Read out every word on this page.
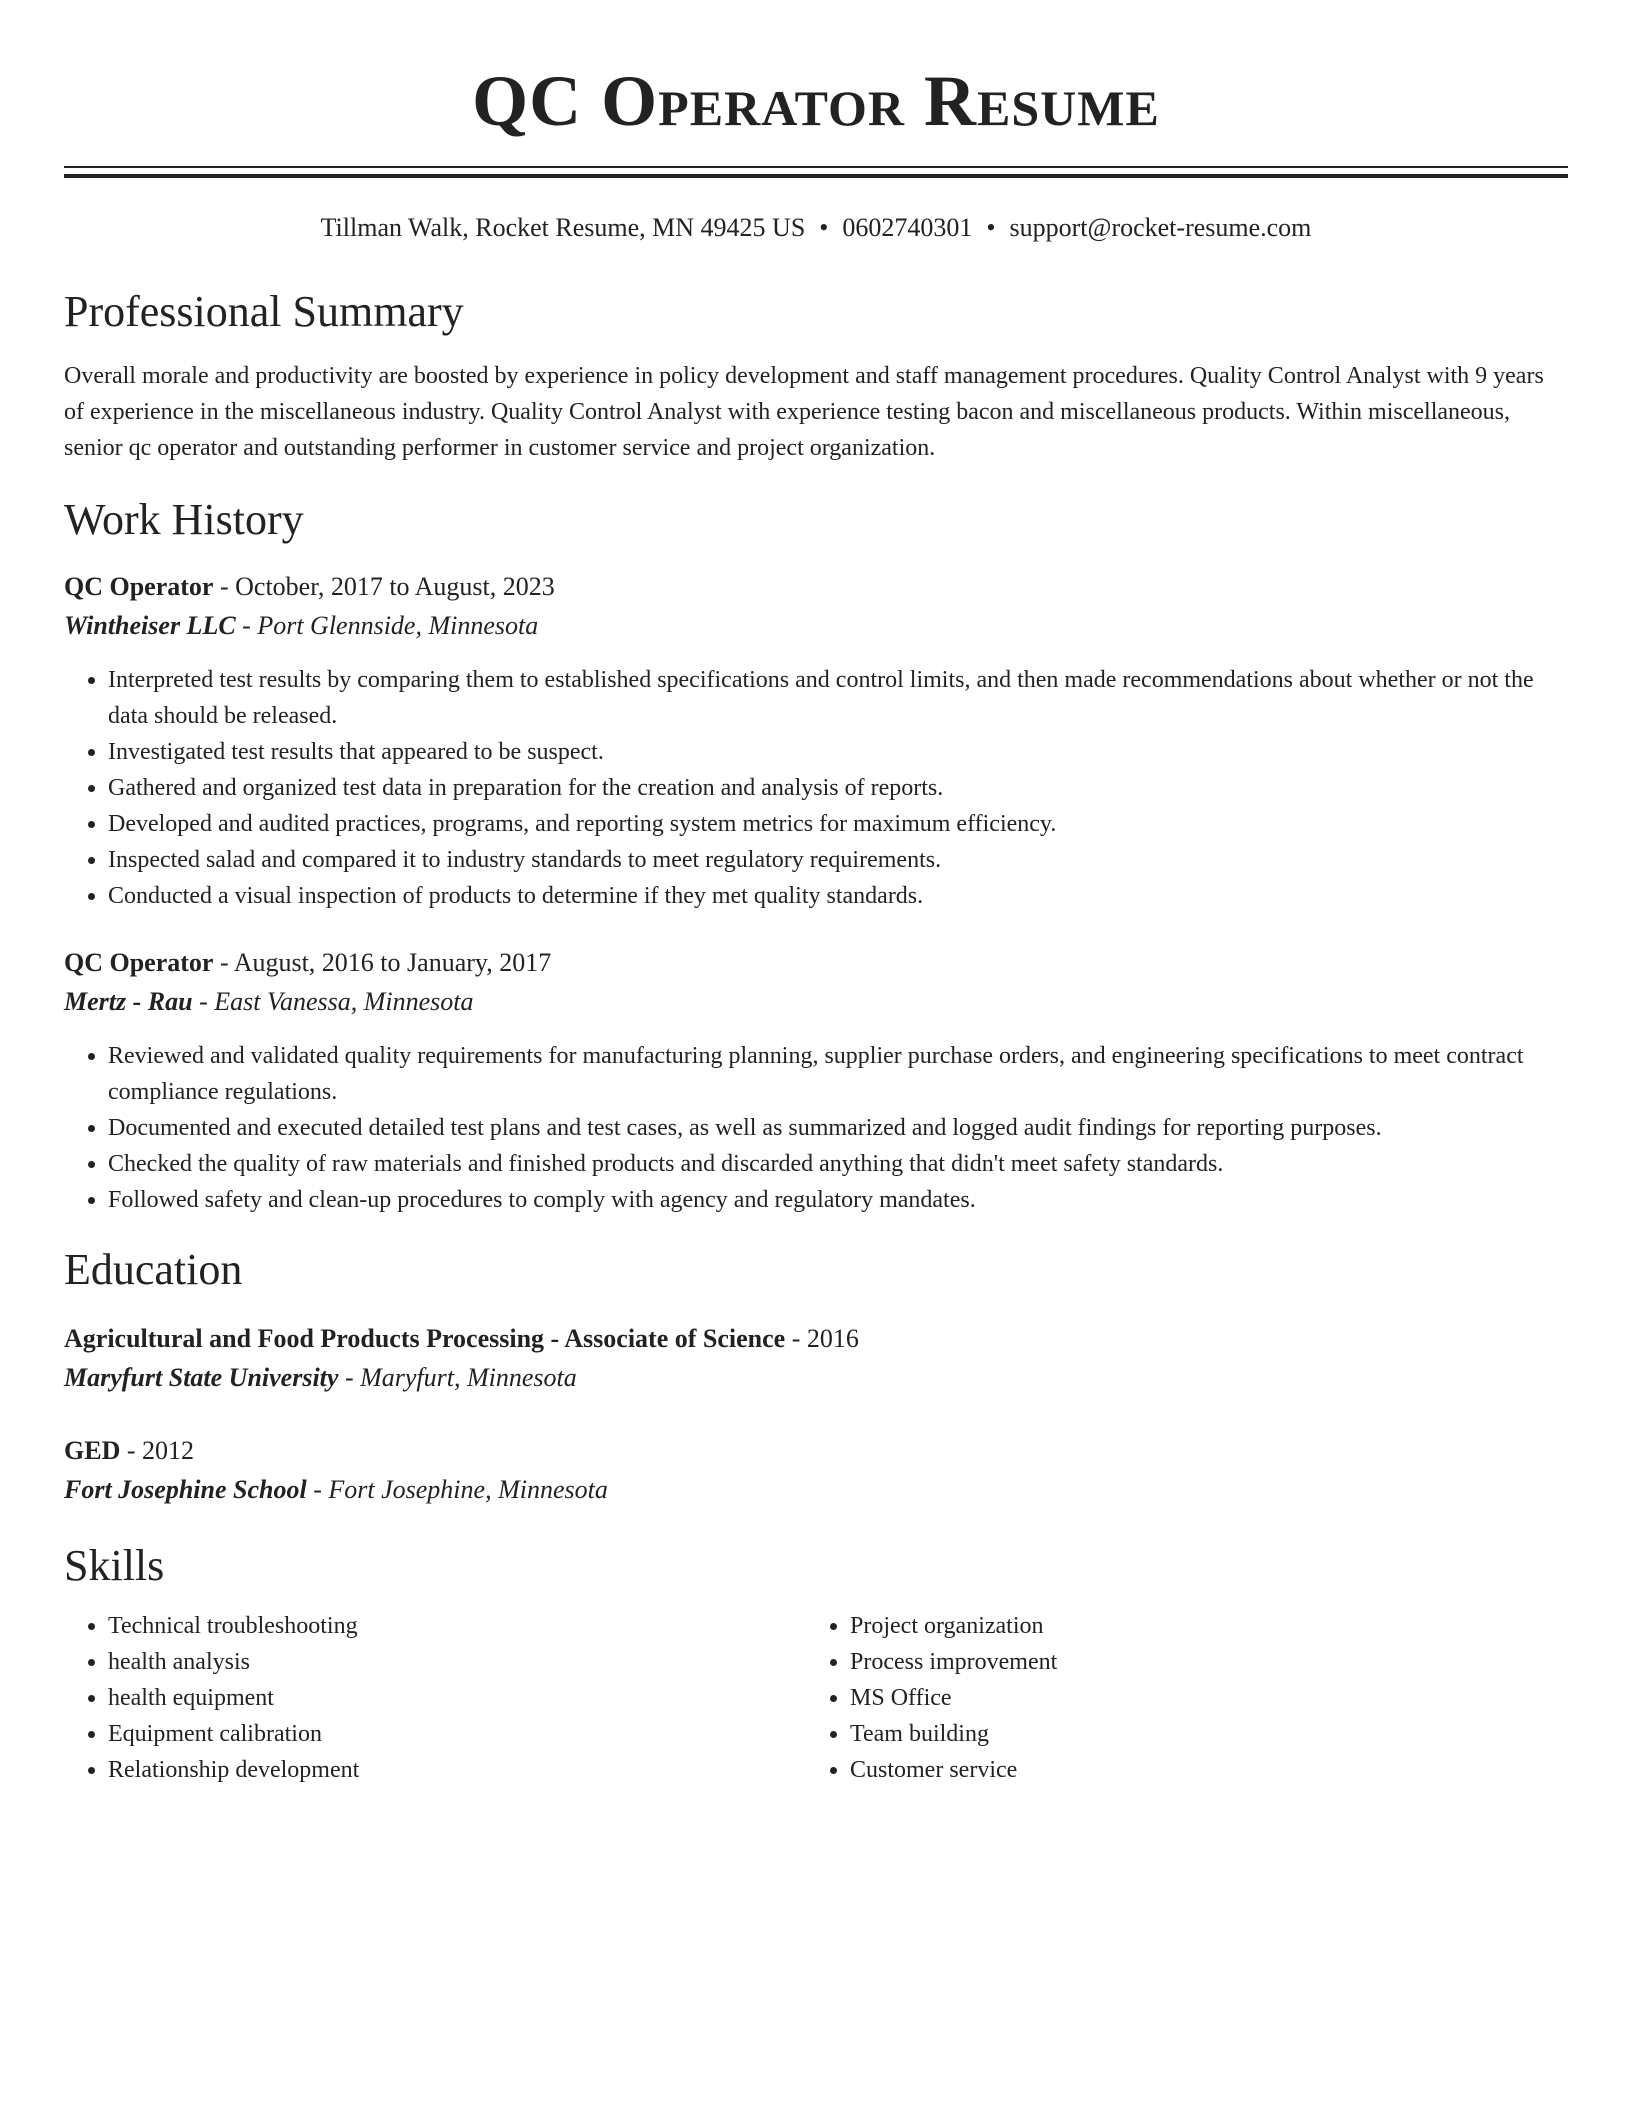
QC Operator Resume
Tillman Walk, Rocket Resume, MN 49425 US • 0602740301 • support@rocket-resume.com
Professional Summary

Overall morale and productivity are boosted by experience in policy development and staff management procedures. Quality Control Analyst with 9 years of experience in the miscellaneous industry. Quality Control Analyst with experience testing bacon and miscellaneous products. Within miscellaneous, senior qc operator and outstanding performer in customer service and project organization.

Work History
QC Operator - October, 2017 to August, 2023
Wintheiser LLC - Port Glennside, Minnesota
• Interpreted test results by comparing them to established specifications and control limits, and then made recommendations about whether or not the data should be released.
• Investigated test results that appeared to be suspect.
• Gathered and organized test data in preparation for the creation and analysis of reports.
• Developed and audited practices, programs, and reporting system metrics for maximum efficiency.
• Inspected salad and compared it to industry standards to meet regulatory requirements.
• Conducted a visual inspection of products to determine if they met quality standards.
QC Operator - August, 2016 to January, 2017
Mertz - Rau - East Vanessa, Minnesota
• Reviewed and validated quality requirements for manufacturing planning, supplier purchase orders, and engineering specifications to meet contract compliance regulations.
• Documented and executed detailed test plans and test cases, as well as summarized and logged audit findings for reporting purposes.
• Checked the quality of raw materials and finished products and discarded anything that didn't meet safety standards.
• Followed safety and clean-up procedures to comply with agency and regulatory mandates.
Education
Agricultural and Food Products Processing - Associate of Science - 2016
Maryfurt State University - Maryfurt, Minnesota
GED - 2012
Fort Josephine School - Fort Josephine, Minnesota
Skills
• Technical troubleshooting
• health analysis
• health equipment
• Equipment calibration
• Relationship development
• Project organization
• Process improvement
• MS Office
• Team building
• Customer service
